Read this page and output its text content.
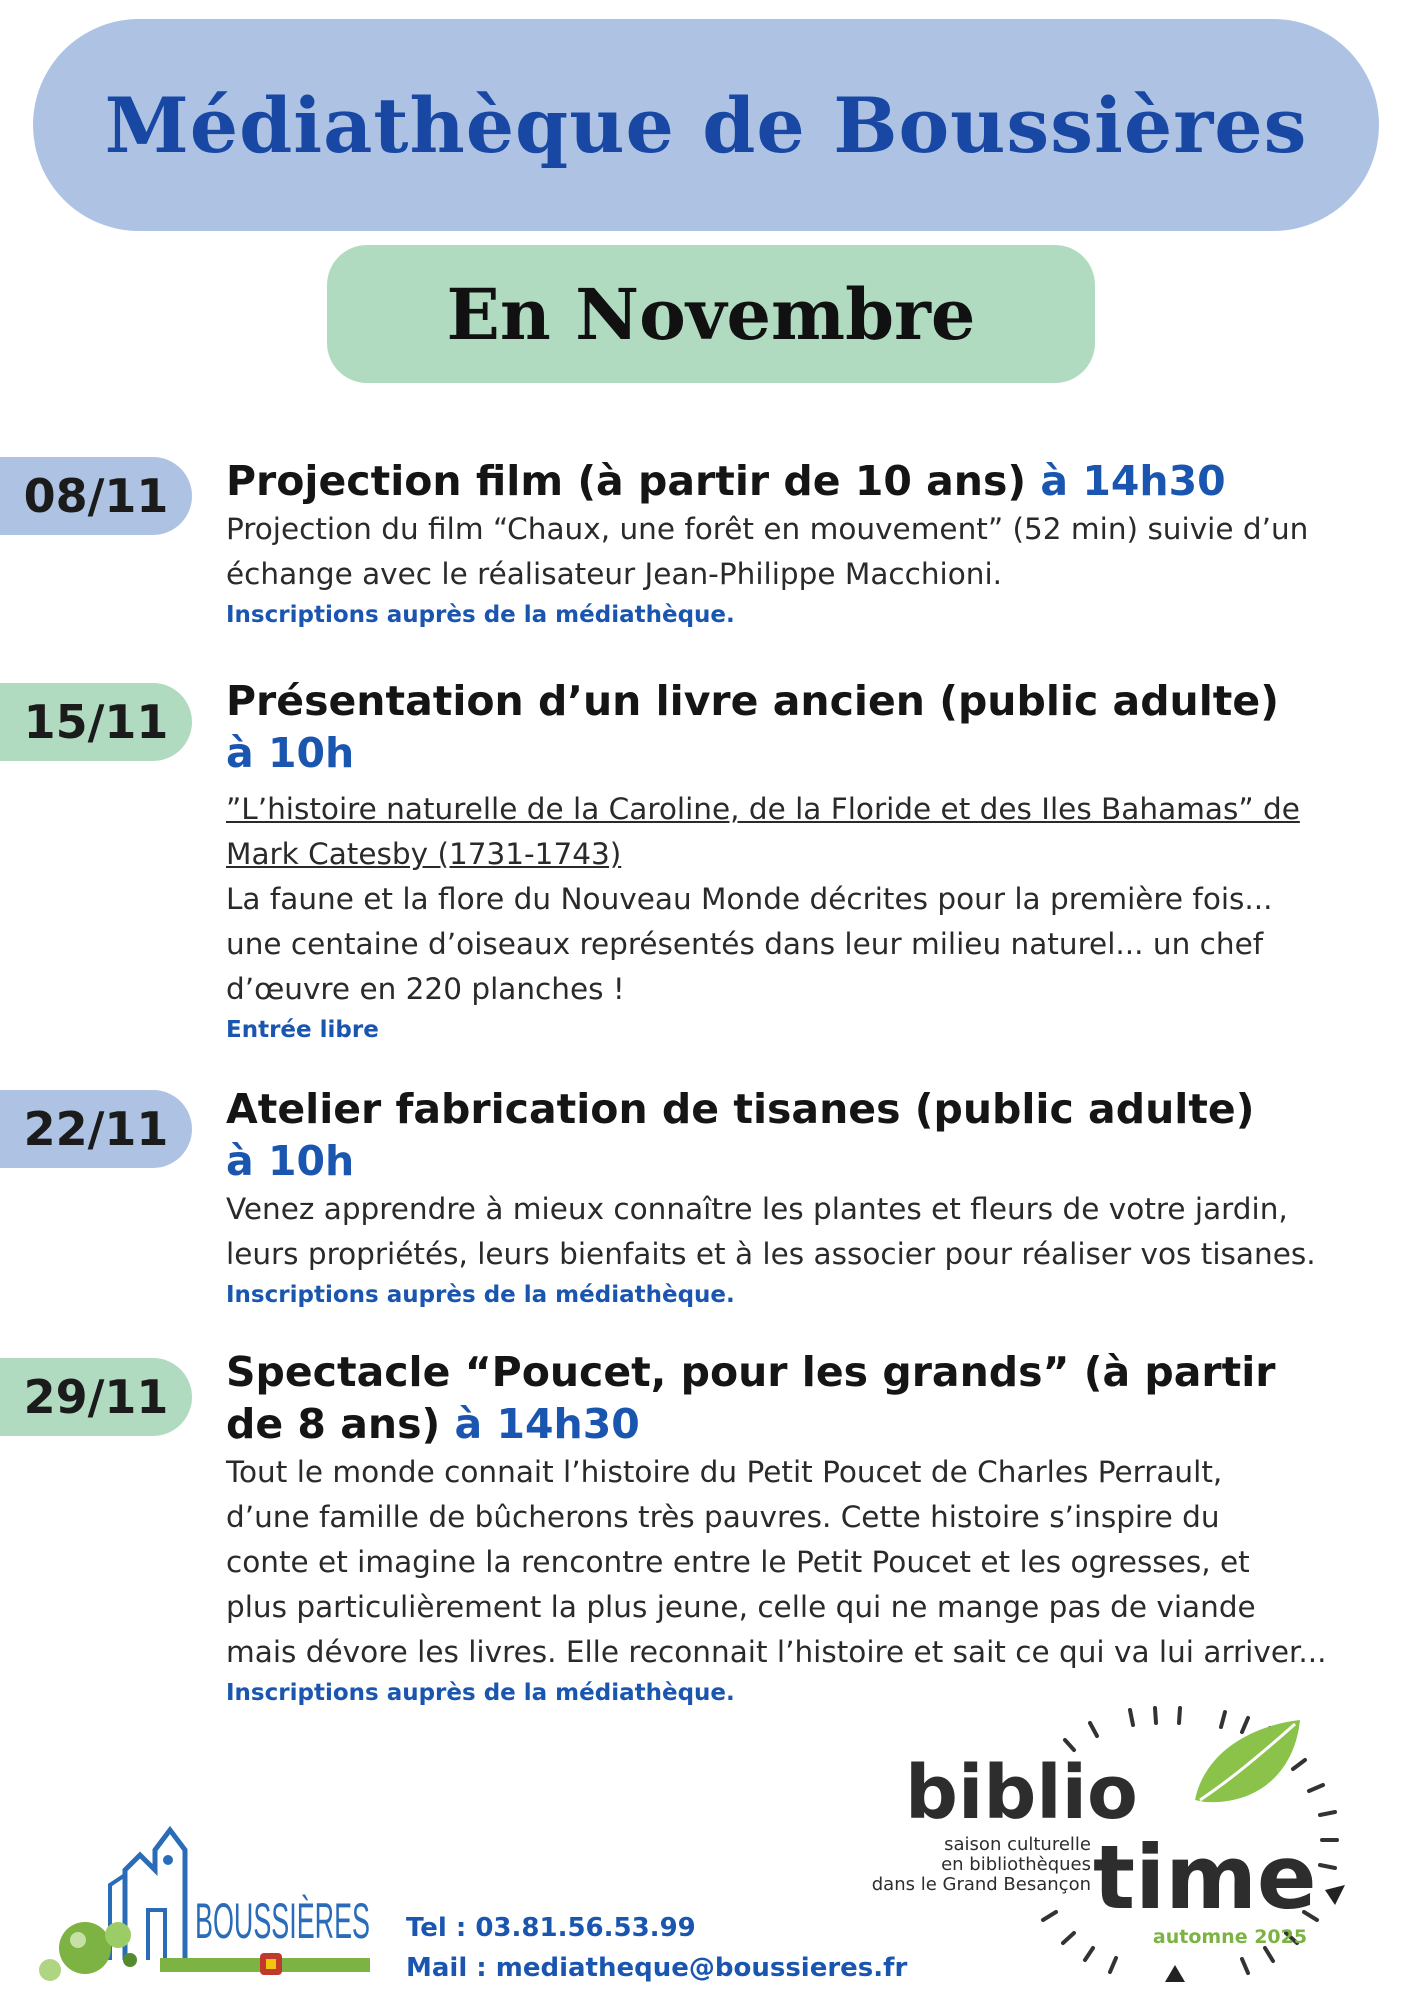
Médiathèque de Boussières
En Novembre
08/11	Projection film (à partir de 10 ans) à 14h30

Projection du film “Chaux, une forêt en mouvement” (52 min) suivie d’un

échange avec le réalisateur Jean-Philippe Macchioni.

Inscriptions auprès de la médiathèque.

15/11	Présentation d’un livre ancien (public adulte)

à 10h

”L’histoire naturelle de la Caroline, de la Floride et des Iles Bahamas” de

Mark Catesby (1731-1743)

La faune et la flore du Nouveau Monde décrites pour la première fois...

une centaine d’oiseaux représentés dans leur milieu naturel... un chef

d’œuvre en 220 planches !

Entrée libre

22/11	Atelier fabrication de tisanes (public adulte)

à 10h

Venez apprendre à mieux connaître les plantes et fleurs de votre jardin,

leurs propriétés, leurs bienfaits et à les associer pour réaliser vos tisanes.

Inscriptions auprès de la médiathèque.

29/11	Spectacle “Poucet, pour les grands” (à partir

de 8 ans) à 14h30

Tout le monde connait l’histoire du Petit Poucet de Charles Perrault,

d’une famille de bûcherons très pauvres. Cette histoire s’inspire du

conte et imagine la rencontre entre le Petit Poucet et les ogresses, et

plus particulièrement la plus jeune, celle qui ne mange pas de viande

mais dévore les livres. Elle reconnait l’histoire et sait ce qui va lui arriver...

Inscriptions auprès de la médiathèque.

BOUSSIÈRES Tel : 03.81.56.53.99
Mail : mediatheque@boussieres.fr
biblio
time
saison culturelle
en bibliothèques
dans le Grand Besançon
automne 2025
